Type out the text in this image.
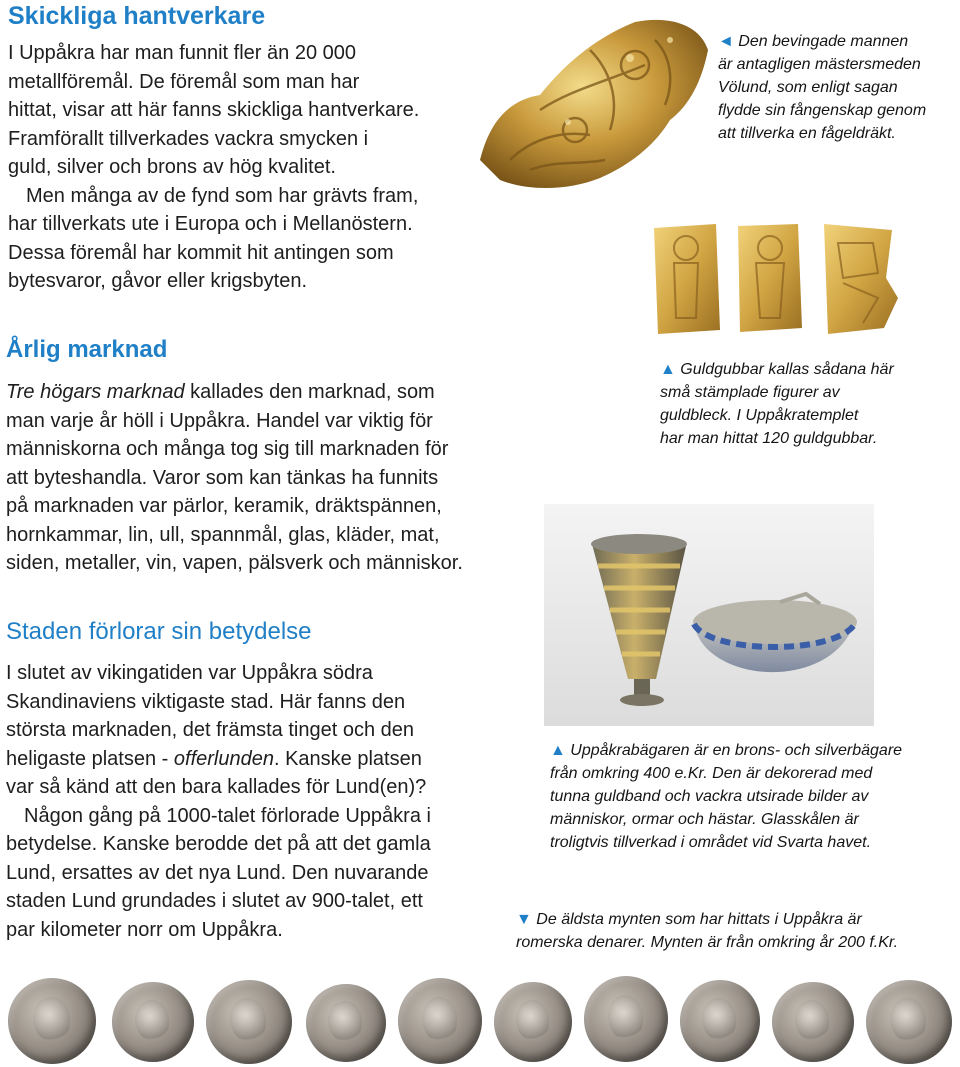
Skickliga hantverkare

I Uppåkra har man funnit fler än 20 000

metallföremål. De föremål som man har

hittat, visar att här fanns skickliga hantverkare.

Framförallt tillverkades vackra smycken i

guld, silver och brons av hög kvalitet.

Men många av de fynd som har grävts fram,

har tillverkats ute i Europa och i Mellanöstern.

Dessa föremål har kommit hit antingen som

bytesvaror, gåvor eller krigsbyten.

◄ Den bevingade mannen
är antagligen mästersmeden
Völund, som enligt sagan
flydde sin fångenskap genom
att tillverka en fågeldräkt.
Årlig marknad

Tre högars marknad kallades den marknad, som

man varje år höll i Uppåkra. Handel var viktig för

människorna och många tog sig till marknaden för

att byteshandla. Varor som kan tänkas ha funnits

på marknaden var pärlor, keramik, dräktspännen,

hornkammar, lin, ull, spannmål, glas, kläder, mat,

siden, metaller, vin, vapen, pälsverk och människor.

▲ Guldgubbar kallas sådana här
små stämplade figurer av
guldbleck. I Uppåkratemplet
har man hittat 120 guldgubbar.
Staden förlorar sin betydelse

I slutet av vikingatiden var Uppåkra södra

Skandinaviens viktigaste stad. Här fanns den

största marknaden, det främsta tinget och den

heligaste platsen - offerlunden. Kanske platsen

var så känd att den bara kallades för Lund(en)?

Någon gång på 1000-talet förlorade Uppåkra i

betydelse. Kanske berodde det på att det gamla

Lund, ersattes av det nya Lund. Den nuvarande

staden Lund grundades i slutet av 900-talet, ett

par kilometer norr om Uppåkra.

▲ Uppåkrabägaren är en brons- och silverbägare
från omkring 400 e.Kr. Den är dekorerad med
tunna guldband och vackra utsirade bilder av
människor, ormar och hästar. Glasskålen är
troligtvis tillverkad i området vid Svarta havet.
▼ De äldsta mynten som har hittats i Uppåkra är
romerska denarer. Mynten är från omkring år 200 f.Kr.
